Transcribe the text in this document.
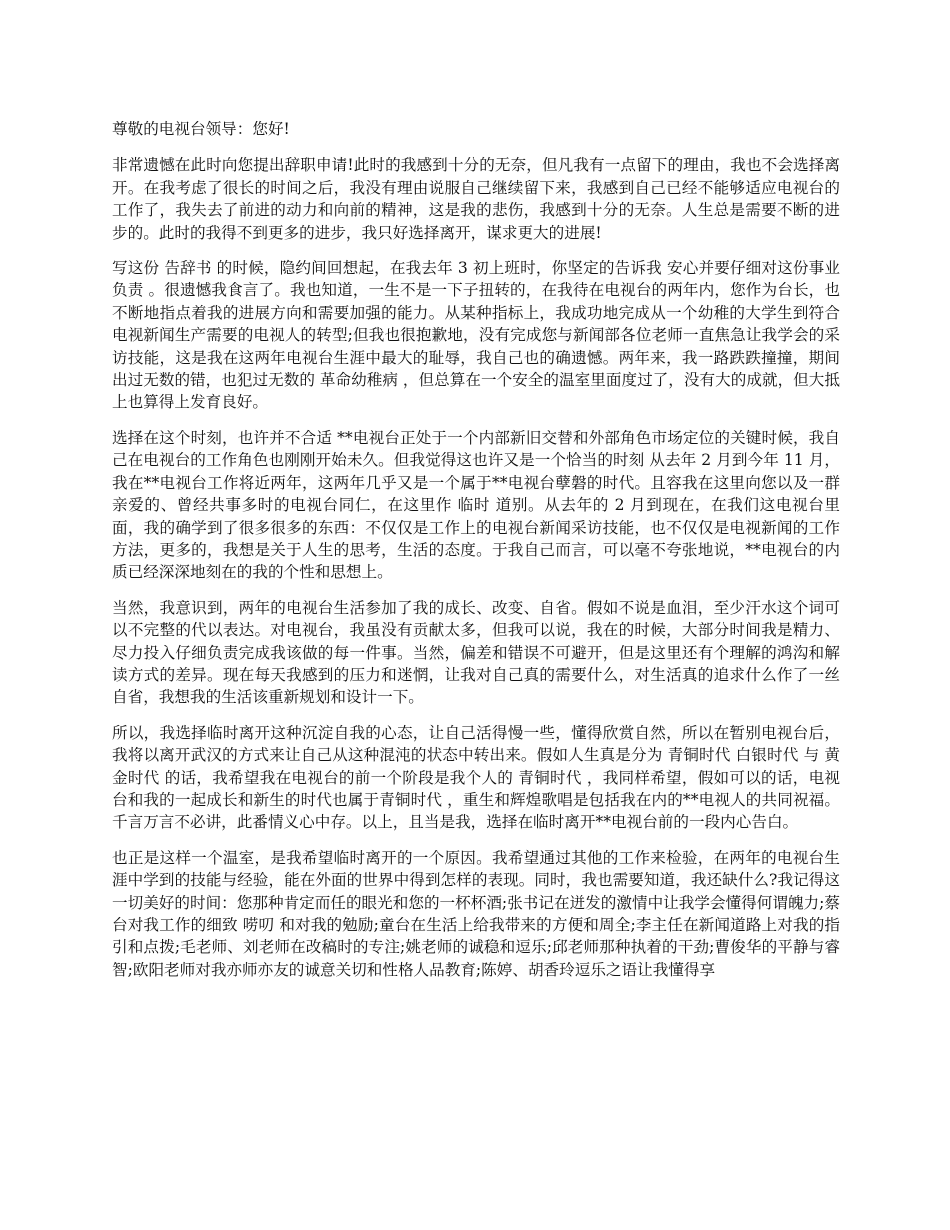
尊敬的电视台领导：您好!

非常遗憾在此时向您提出辞职申请!此时的我感到十分的无奈，但凡我有一点留下的理由，我也不会选择离开。在我考虑了很长的时间之后，我没有理由说服自己继续留下来，我感到自己已经不能够适应电视台的工作了，我失去了前进的动力和向前的精神，这是我的悲伤，我感到十分的无奈。人生总是需要不断的进步的。此时的我得不到更多的进步，我只好选择离开，谋求更大的进展!

写这份 告辞书 的时候，隐约间回想起，在我去年 3 初上班时，你坚定的告诉我 安心并要仔细对这份事业负责 。很遗憾我食言了。我也知道，一生不是一下子扭转的，在我待在电视台的两年内，您作为台长，也不断地指点着我的进展方向和需要加强的能力。从某种指标上，我成功地完成从一个幼稚的大学生到符合电视新闻生产需要的电视人的转型;但我也很抱歉地，没有完成您与新闻部各位老师一直焦急让我学会的采访技能，这是我在这两年电视台生涯中最大的耻辱，我自己也的确遗憾。两年来，我一路跌跌撞撞，期间出过无数的错，也犯过无数的 革命幼稚病 ，但总算在一个安全的温室里面度过了，没有大的成就，但大抵上也算得上发育良好。

选择在这个时刻，也许并不合适 **电视台正处于一个内部新旧交替和外部角色市场定位的关键时候，我自己在电视台的工作角色也刚刚开始未久。但我觉得这也许又是一个恰当的时刻 从去年 2 月到今年 11 月，我在**电视台工作将近两年，这两年几乎又是一个属于**电视台孽磐的时代。且容我在这里向您以及一群亲爱的、曾经共事多时的电视台同仁，在这里作 临时 道别。从去年的 2 月到现在，在我们这电视台里面，我的确学到了很多很多的东西：不仅仅是工作上的电视台新闻采访技能，也不仅仅是电视新闻的工作方法，更多的，我想是关于人生的思考，生活的态度。于我自己而言，可以毫不夸张地说，**电视台的内质已经深深地刻在的我的个性和思想上。

当然，我意识到，两年的电视台生活参加了我的成长、改变、自省。假如不说是血泪，至少汗水这个词可以不完整的代以表达。对电视台，我虽没有贡献太多，但我可以说，我在的时候，大部分时间我是精力、尽力投入仔细负责完成我该做的每一件事。当然，偏差和错误不可避开，但是这里还有个理解的鸿沟和解读方式的差异。现在每天我感到的压力和迷惘，让我对自己真的需要什么，对生活真的追求什么作了一丝自省，我想我的生活该重新规划和设计一下。

所以，我选择临时离开这种沉淀自我的心态，让自己活得慢一些，懂得欣赏自然，所以在暂别电视台后，我将以离开武汉的方式来让自己从这种混沌的状态中转出来。假如人生真是分为 青铜时代 白银时代 与 黄金时代 的话，我希望我在电视台的前一个阶段是我个人的 青铜时代 ，我同样希望，假如可以的话，电视台和我的一起成长和新生的时代也属于青铜时代 ，重生和辉煌歌唱是包括我在内的**电视人的共同祝福。千言万言不必讲，此番情义心中存。以上，且当是我，选择在临时离开**电视台前的一段内心告白。

也正是这样一个温室，是我希望临时离开的一个原因。我希望通过其他的工作来检验，在两年的电视台生涯中学到的技能与经验，能在外面的世界中得到怎样的表现。同时，我也需要知道，我还缺什么?我记得这一切美好的时间：您那种肯定而任的眼光和您的一杯杯酒;张书记在迸发的激情中让我学会懂得何谓魄力;蔡台对我工作的细致 唠叨 和对我的勉励;童台在生活上给我带来的方便和周全;李主任在新闻道路上对我的指引和点拨;毛老师、刘老师在改稿时的专注;姚老师的诚稳和逗乐;邱老师那种执着的干劲;曹俊华的平静与睿智;欧阳老师对我亦师亦友的诚意关切和性格人品教育;陈婷、胡香玲逗乐之语让我懂得享
